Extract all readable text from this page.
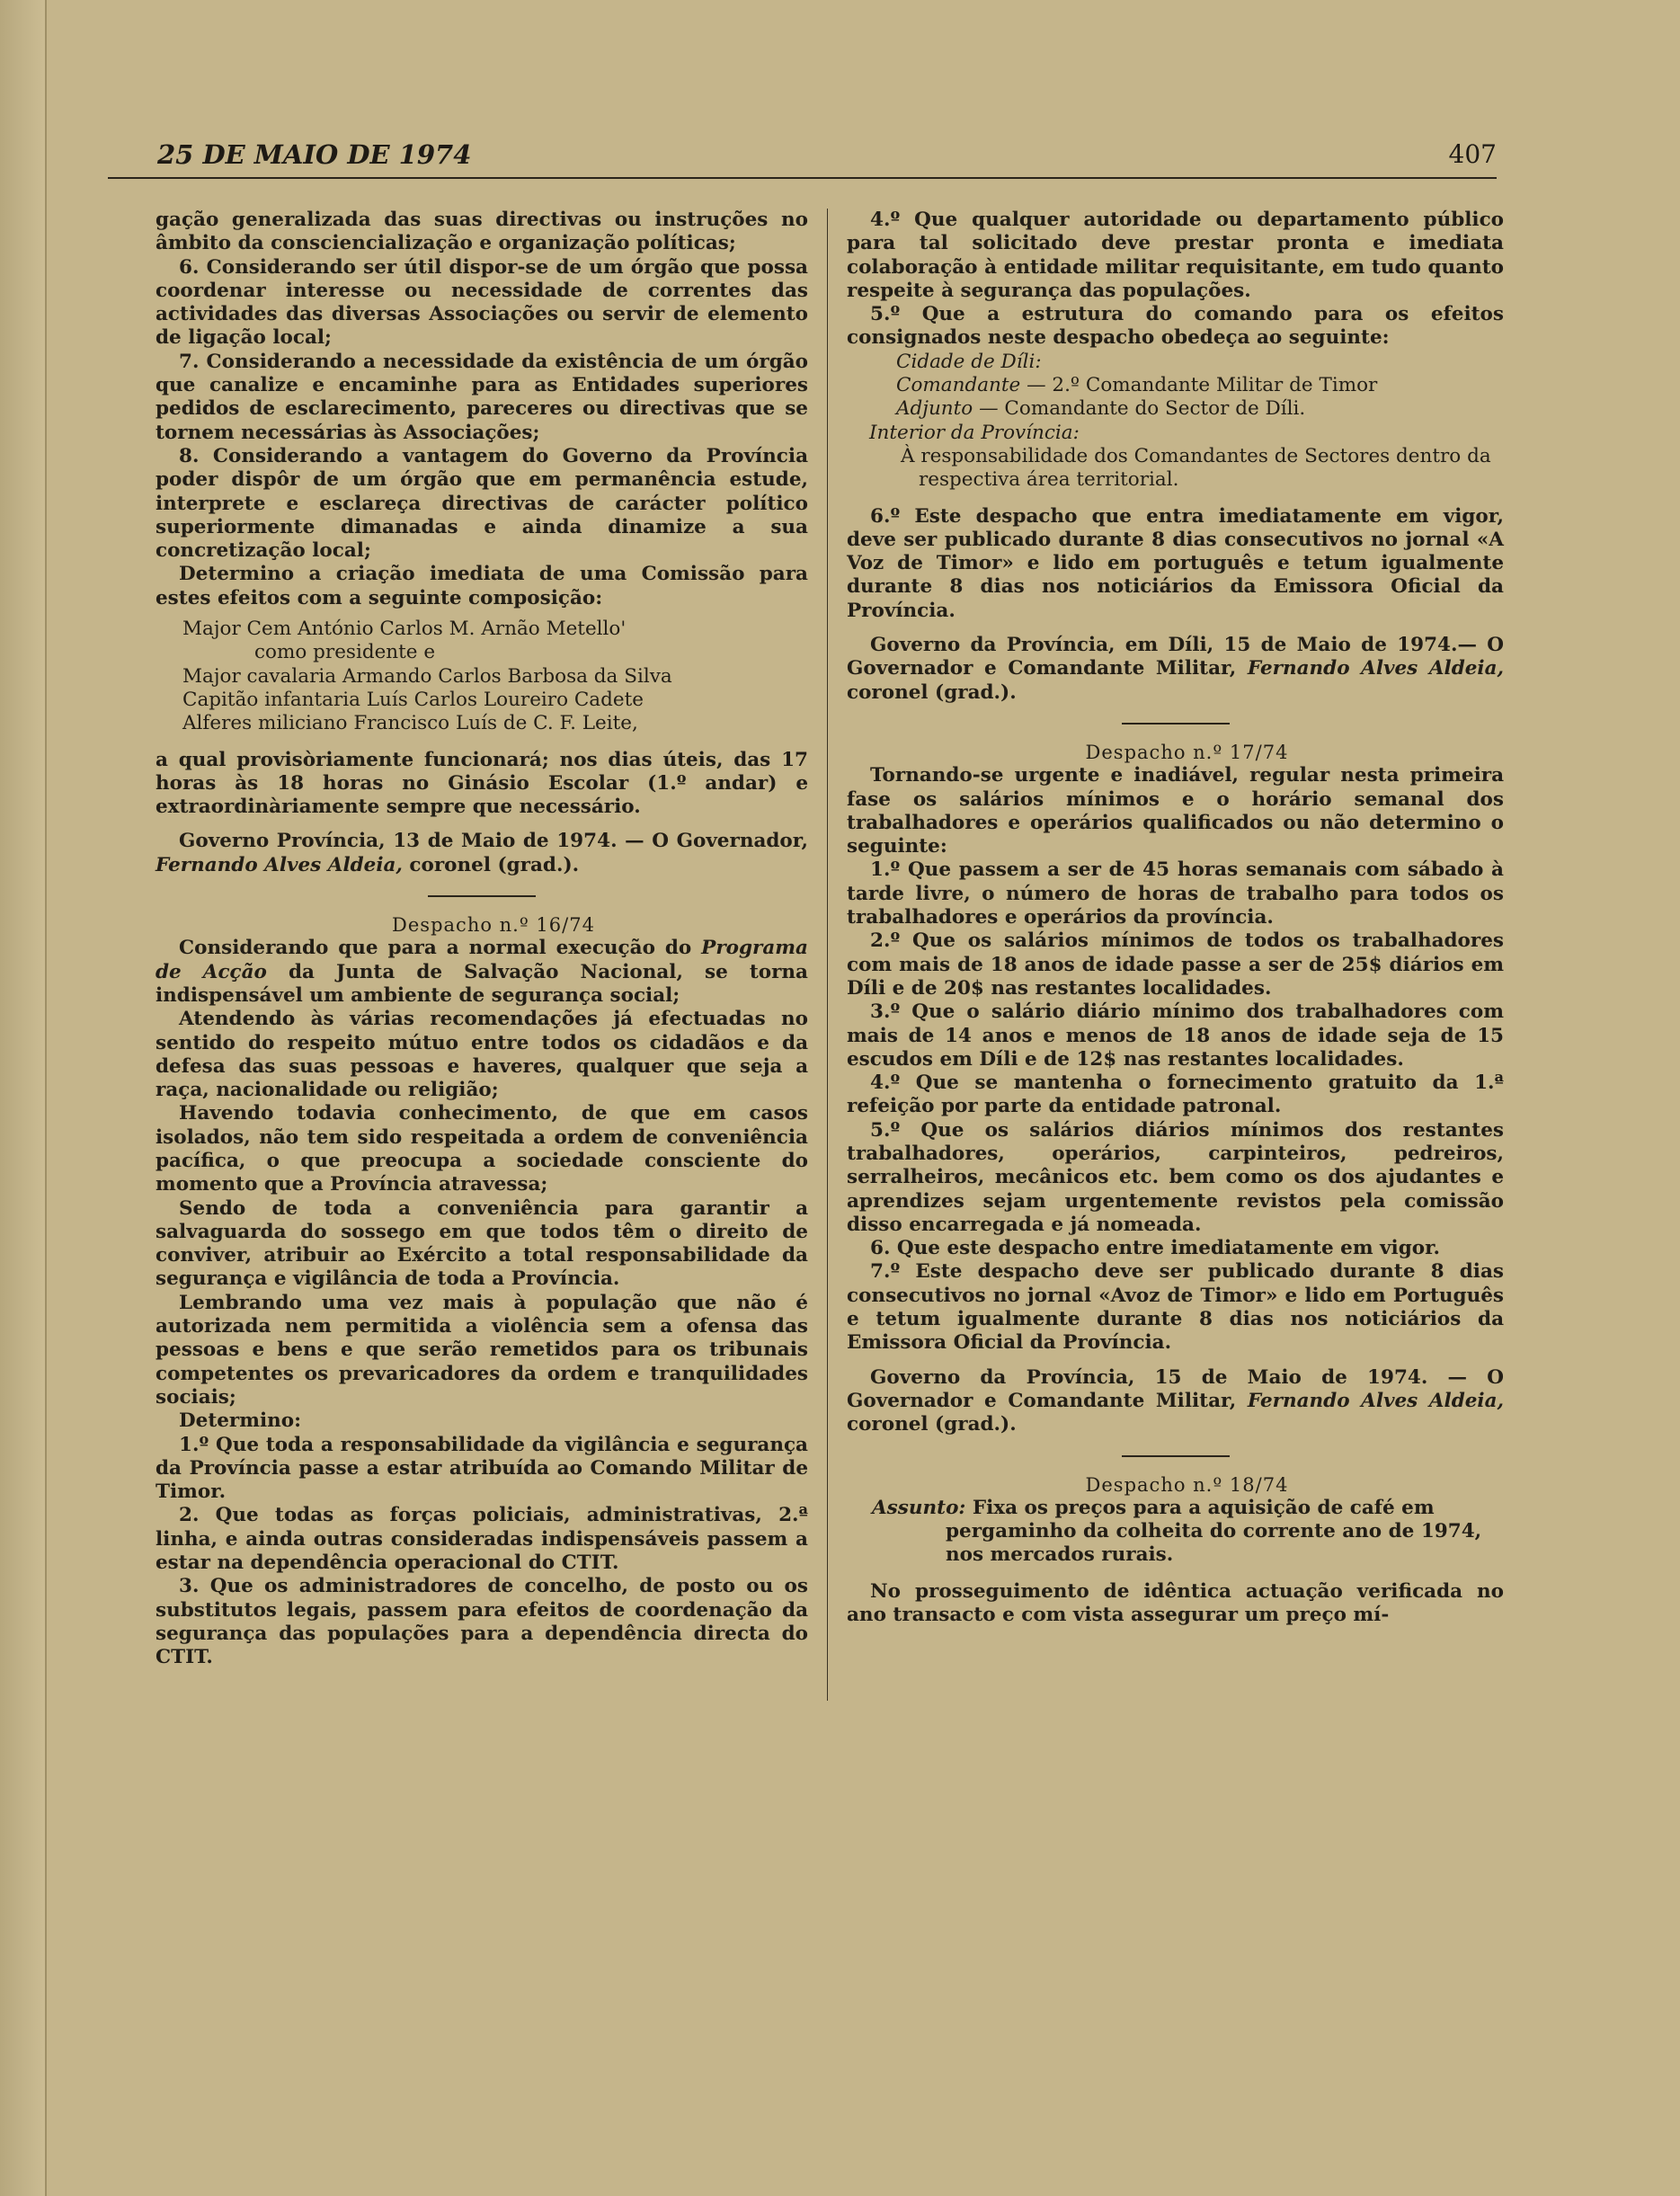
25 DE MAIO DE 1974	407

gação generalizada das suas directivas ou instruções no âmbito da consciencialização e organização políticas;

6. Considerando ser útil dispor-se de um órgão que possa coordenar interesse ou necessidade de correntes das actividades das diversas Associações ou servir de elemento de ligação local;

7. Considerando a necessidade da existência de um órgão que canalize e encaminhe para as Entidades superiores pedidos de esclarecimento, pareceres ou directivas que se tornem necessárias às Associações;

8. Considerando a vantagem do Governo da Província poder dispôr de um órgão que em permanência estude, interprete e esclareça directivas de carácter político superiormente dimanadas e ainda dinamize a sua concretização local;

Determino a criação imediata de uma Comissão para estes efeitos com a seguinte composição:

Major Cem António Carlos M. Arnão Metello'

como presidente e

Major cavalaria Armando Carlos Barbosa da Silva

Capitão infantaria Luís Carlos Loureiro Cadete

Alferes miliciano Francisco Luís de C. F. Leite,

a qual provisòriamente funcionará; nos dias úteis, das 17 horas às 18 horas no Ginásio Escolar (1.º andar) e extraordinàriamente sempre que necessário.

Governo Província, 13 de Maio de 1974. — O Governador, Fernando Alves Aldeia, coronel (grad.).

Despacho n.º 16/74

Considerando que para a normal execução do Programa de Acção da Junta de Salvação Nacional, se torna indispensável um ambiente de segurança social;

Atendendo às várias recomendações já efectuadas no sentido do respeito mútuo entre todos os cidadãos e da defesa das suas pessoas e haveres, qualquer que seja a raça, nacionalidade ou religião;

Havendo todavia conhecimento, de que em casos isolados, não tem sido respeitada a ordem de conveniência pacífica, o que preocupa a sociedade consciente do momento que a Província atravessa;

Sendo de toda a conveniência para garantir a salvaguarda do sossego em que todos têm o direito de conviver, atribuir ao Exército a total responsabilidade da segurança e vigilância de toda a Província.

Lembrando uma vez mais à população que não é autorizada nem permitida a violência sem a ofensa das pessoas e bens e que serão remetidos para os tribunais competentes os prevaricadores da ordem e tranquilidades sociais;

Determino:

1.º Que toda a responsabilidade da vigilância e segurança da Província passe a estar atribuída ao Comando Militar de Timor.

2. Que todas as forças policiais, administrativas, 2.ª linha, e ainda outras consideradas indispensáveis passem a estar na dependência operacional do CTIT.

3. Que os administradores de concelho, de posto ou os substitutos legais, passem para efeitos de coordenação da segurança das populações para a dependência directa do CTIT.

4.º Que qualquer autoridade ou departamento público para tal solicitado deve prestar pronta e imediata colaboração à entidade militar requisitante, em tudo quanto respeite à segurança das populações.

5.º Que a estrutura do comando para os efeitos consignados neste despacho obedeça ao seguinte:

Cidade de Díli:

Comandante — 2.º Comandante Militar de Timor

Adjunto — Comandante do Sector de Díli.

Interior da Província:

À responsabilidade dos Comandantes de Sectores dentro da respectiva área territorial.

6.º Este despacho que entra imediatamente em vigor, deve ser publicado durante 8 dias consecutivos no jornal «A Voz de Timor» e lido em português e tetum igualmente durante 8 dias nos noticiários da Emissora Oficial da Província.

Governo da Província, em Díli, 15 de Maio de 1974.— O Governador e Comandante Militar, Fernando Alves Aldeia, coronel (grad.).

Despacho n.º 17/74

Tornando-se urgente e inadiável, regular nesta primeira fase os salários mínimos e o horário semanal dos trabalhadores e operários qualificados ou não determino o seguinte:

1.º Que passem a ser de 45 horas semanais com sábado à tarde livre, o número de horas de trabalho para todos os trabalhadores e operários da província.

2.º Que os salários mínimos de todos os trabalhadores com mais de 18 anos de idade passe a ser de 25$ diários em Díli e de 20$ nas restantes localidades.

3.º Que o salário diário mínimo dos trabalhadores com mais de 14 anos e menos de 18 anos de idade seja de 15 escudos em Díli e de 12$ nas restantes localidades.

4.º Que se mantenha o fornecimento gratuito da 1.ª refeição por parte da entidade patronal.

5.º Que os salários diários mínimos dos restantes trabalhadores, operários, carpinteiros, pedreiros, serralheiros, mecânicos etc. bem como os dos ajudantes e aprendizes sejam urgentemente revistos pela comissão disso encarregada e já nomeada.

6. Que este despacho entre imediatamente em vigor.

7.º Este despacho deve ser publicado durante 8 dias consecutivos no jornal «Avoz de Timor» e lido em Português e tetum igualmente durante 8 dias nos noticiários da Emissora Oficial da Província.

Governo da Província, 15 de Maio de 1974. — O Governador e Comandante Militar, Fernando Alves Aldeia, coronel (grad.).

Despacho n.º 18/74

Assunto: Fixa os preços para a aquisição de café em pergaminho da colheita do corrente ano de 1974, nos mercados rurais.

No prosseguimento de idêntica actuação verificada no ano transacto e com vista assegurar um preço mí-
